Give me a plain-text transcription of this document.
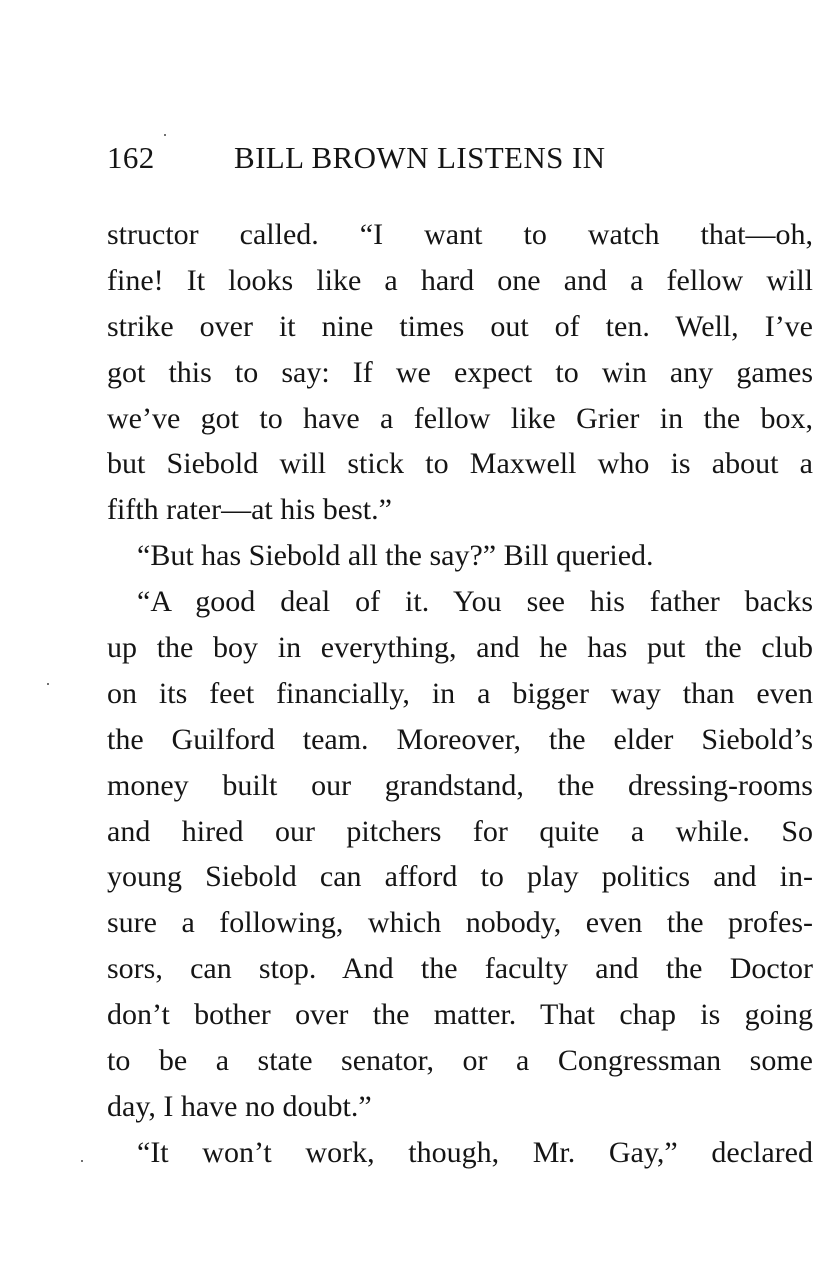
162	BILL BROWN LISTENS IN
structor called. “I want to watch that—oh,
fine! It looks like a hard one and a fellow will
strike over it nine times out of ten. Well, I’ve
got this to say: If we expect to win any games
we’ve got to have a fellow like Grier in the box,
but Siebold will stick to Maxwell who is about a
fifth rater—at his best.”
“But has Siebold all the say?” Bill queried.
“A good deal of it. You see his father backs
up the boy in everything, and he has put the club
on its feet financially, in a bigger way than even
the Guilford team. Moreover, the elder Siebold’s
money built our grandstand, the dressing-rooms
and hired our pitchers for quite a while. So
young Siebold can afford to play politics and in-
sure a following, which nobody, even the profes-
sors, can stop. And the faculty and the Doctor
don’t bother over the matter. That chap is going
to be a state senator, or a Congressman some
day, I have no doubt.”
“It won’t work, though, Mr. Gay,” declared
